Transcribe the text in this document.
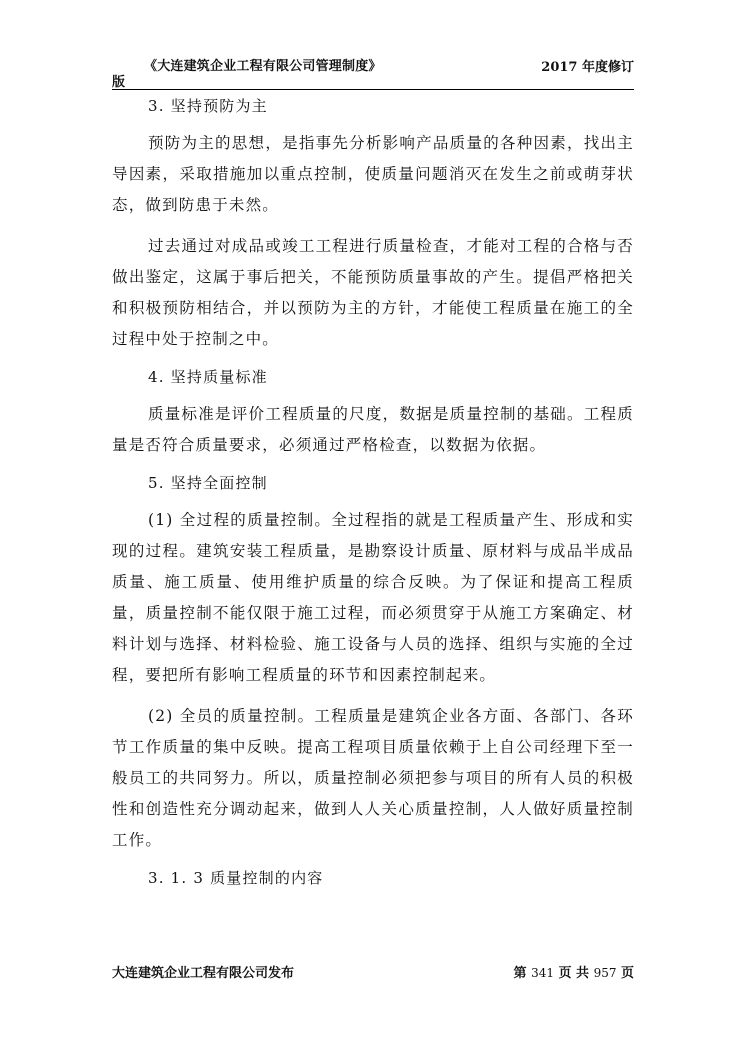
《大连建筑企业工程有限公司管理制度》	2017 年度修订
版
3. 坚持预防为主

预防为主的思想，是指事先分析影响产品质量的各种因素，找出主导因素，采取措施加以重点控制，使质量问题消灭在发生之前或萌芽状态，做到防患于未然。

过去通过对成品或竣工工程进行质量检查，才能对工程的合格与否做出鉴定，这属于事后把关，不能预防质量事故的产生。提倡严格把关和积极预防相结合，并以预防为主的方针，才能使工程质量在施工的全过程中处于控制之中。

4. 坚持质量标准

质量标准是评价工程质量的尺度，数据是质量控制的基础。工程质量是否符合质量要求，必须通过严格检查，以数据为依据。

5. 坚持全面控制

(1) 全过程的质量控制。全过程指的就是工程质量产生、形成和实现的过程。建筑安装工程质量，是勘察设计质量、原材料与成品半成品质量、施工质量、使用维护质量的综合反映。为了保证和提高工程质量，质量控制不能仅限于施工过程，而必须贯穿于从施工方案确定、材料计划与选择、材料检验、施工设备与人员的选择、组织与实施的全过程，要把所有影响工程质量的环节和因素控制起来。

(2) 全员的质量控制。工程质量是建筑企业各方面、各部门、各环节工作质量的集中反映。提高工程项目质量依赖于上自公司经理下至一般员工的共同努力。所以，质量控制必须把参与项目的所有人员的积极性和创造性充分调动起来，做到人人关心质量控制，人人做好质量控制工作。

3. 1. 3 质量控制的内容
大连建筑企业工程有限公司发布	第 341 页 共 957 页
